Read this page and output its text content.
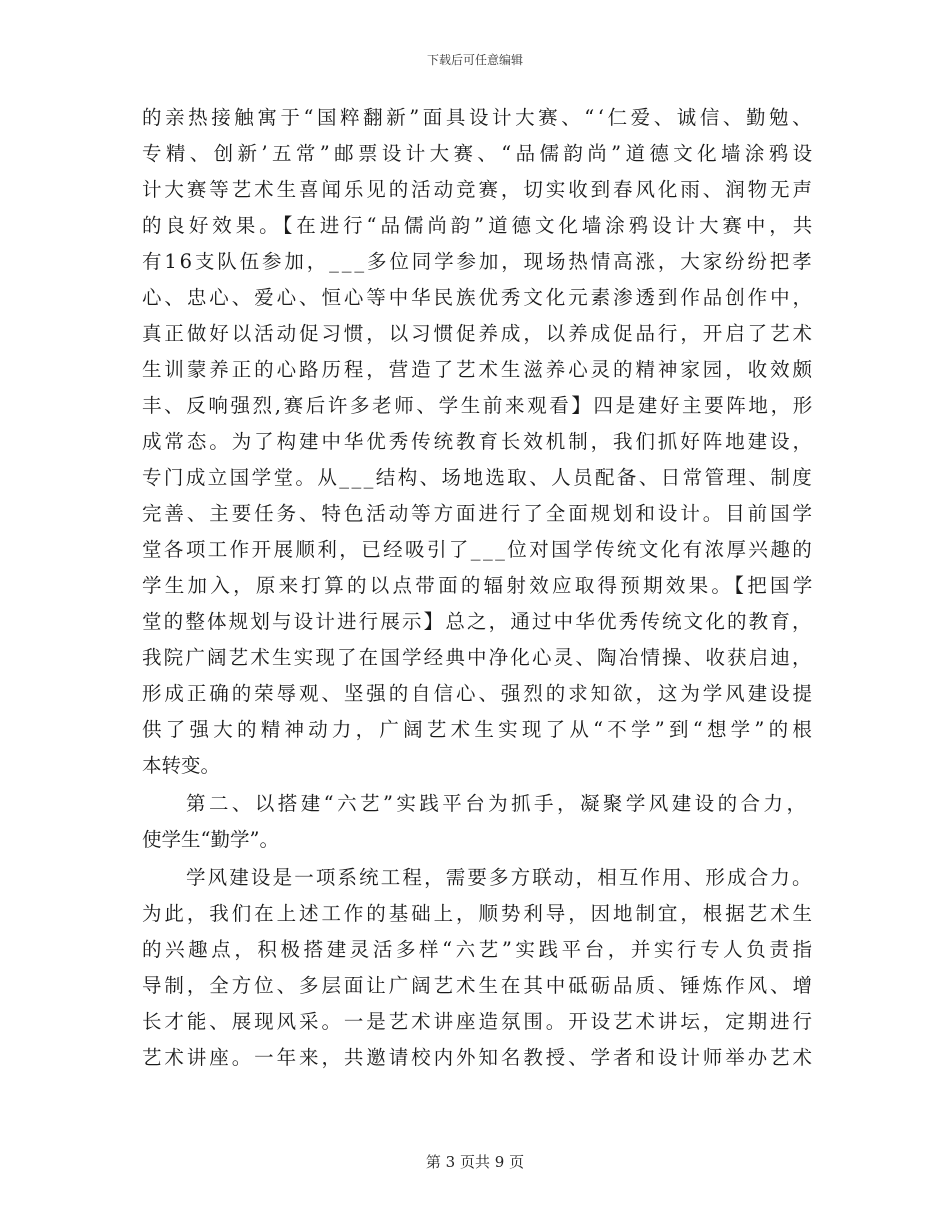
下载后可任意编辑
的亲热接触寓于“国粹翻新”面具设计大赛、“‘仁爱、诚信、勤勉、
专精、创新’五常”邮票设计大赛、“品儒韵尚”道德文化墙涂鸦设
计大赛等艺术生喜闻乐见的活动竞赛，切实收到春风化雨、润物无声
的良好效果。【在进行“品儒尚韵”道德文化墙涂鸦设计大赛中，共
有16支队伍参加，___多位同学参加，现场热情高涨，大家纷纷把孝
心、忠心、爱心、恒心等中华民族优秀文化元素渗透到作品创作中，
真正做好以活动促习惯，以习惯促养成，以养成促品行，开启了艺术
生训蒙养正的心路历程，营造了艺术生滋养心灵的精神家园，收效颇
丰、反响强烈,赛后许多老师、学生前来观看】四是建好主要阵地，形
成常态。为了构建中华优秀传统教育长效机制，我们抓好阵地建设，
专门成立国学堂。从___结构、场地选取、人员配备、日常管理、制度
完善、主要任务、特色活动等方面进行了全面规划和设计。目前国学
堂各项工作开展顺利，已经吸引了___位对国学传统文化有浓厚兴趣的
学生加入，原来打算的以点带面的辐射效应取得预期效果。【把国学
堂的整体规划与设计进行展示】总之，通过中华优秀传统文化的教育，
我院广阔艺术生实现了在国学经典中净化心灵、陶冶情操、收获启迪，
形成正确的荣辱观、坚强的自信心、强烈的求知欲，这为学风建设提
供了强大的精神动力，广阔艺术生实现了从“不学”到“想学”的根
本转变。
第二、以搭建“六艺”实践平台为抓手，凝聚学风建设的合力，
使学生“勤学”。
学风建设是一项系统工程，需要多方联动，相互作用、形成合力。
为此，我们在上述工作的基础上，顺势利导，因地制宜，根据艺术生
的兴趣点，积极搭建灵活多样“六艺”实践平台，并实行专人负责指
导制，全方位、多层面让广阔艺术生在其中砥砺品质、锤炼作风、增
长才能、展现风采。一是艺术讲座造氛围。开设艺术讲坛，定期进行
艺术讲座。一年来，共邀请校内外知名教授、学者和设计师举办艺术
第 3 页共 9 页
